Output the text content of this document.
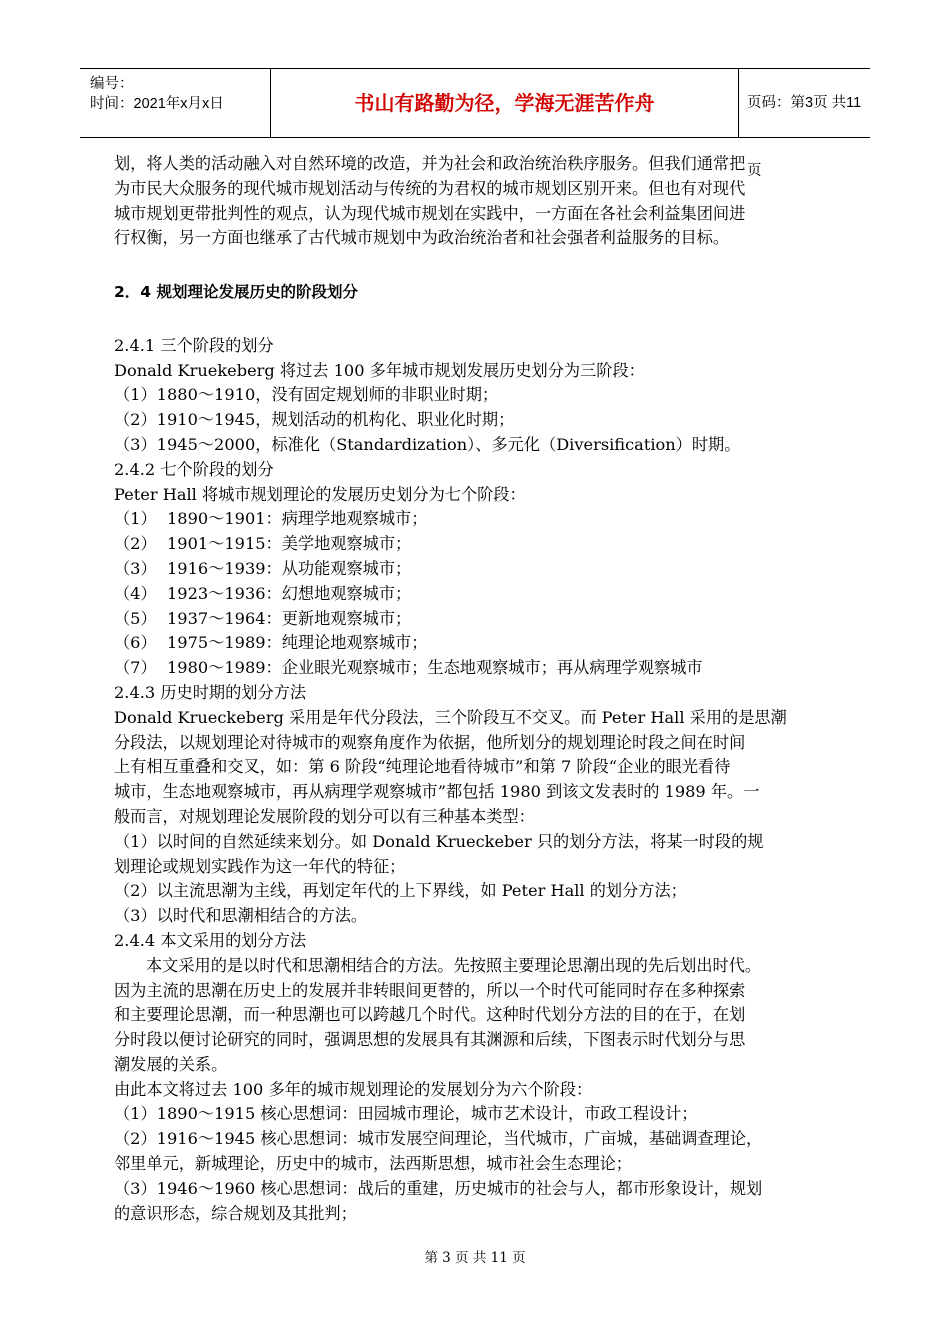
编号：
时间：2021年x月x日	书山有路勤为径，学海无涯苦作舟	页码：第3页 共11页

划，将人类的活动融入对自然环境的改造，并为社会和政治统治秩序服务。但我们通常把

为市民大众服务的现代城市规划活动与传统的为君权的城市规划区别开来。但也有对现代

城市规划更带批判性的观点，认为现代城市规划在实践中，一方面在各社会利益集团间进

行权衡，另一方面也继承了古代城市规划中为政治统治者和社会强者利益服务的目标。

2．4 规划理论发展历史的阶段划分

2.4.1 三个阶段的划分

Donald Kruekeberg 将过去 100 多年城市规划发展历史划分为三阶段：

（1）1880～1910，没有固定规划师的非职业时期；

（2）1910～1945，规划活动的机构化、职业化时期；

（3）1945～2000，标准化（Standardization）、多元化（Diversification）时期。

2.4.2 七个阶段的划分

Peter Hall 将城市规划理论的发展历史划分为七个阶段：

（1）  1890～1901：病理学地观察城市；

（2）  1901～1915：美学地观察城市；

（3）  1916～1939：从功能观察城市；

（4）  1923～1936：幻想地观察城市；

（5）  1937～1964：更新地观察城市；

（6）  1975～1989：纯理论地观察城市；

（7）  1980～1989：企业眼光观察城市；生态地观察城市；再从病理学观察城市

2.4.3 历史时期的划分方法

Donald Krueckeberg 采用是年代分段法，三个阶段互不交叉。而 Peter Hall 采用的是思潮

分段法，以规划理论对待城市的观察角度作为依据，他所划分的规划理论时段之间在时间

上有相互重叠和交叉，如：第 6 阶段“纯理论地看待城市”和第 7 阶段“企业的眼光看待

城市，生态地观察城市，再从病理学观察城市”都包括 1980 到该文发表时的 1989 年。一

般而言，对规划理论发展阶段的划分可以有三种基本类型：

（1）以时间的自然延续来划分。如 Donald Krueckeber 只的划分方法，将某一时段的规

划理论或规划实践作为这一年代的特征；

（2）以主流思潮为主线，再划定年代的上下界线，如 Peter Hall 的划分方法；

（3）以时代和思潮相结合的方法。

2.4.4 本文采用的划分方法

本文采用的是以时代和思潮相结合的方法。先按照主要理论思潮出现的先后划出时代。

因为主流的思潮在历史上的发展并非转眼间更替的，所以一个时代可能同时存在多种探索

和主要理论思潮，而一种思潮也可以跨越几个时代。这种时代划分方法的目的在于，在划

分时段以便讨论研究的同时，强调思想的发展具有其渊源和后续，下图表示时代划分与思

潮发展的关系。

由此本文将过去 100 多年的城市规划理论的发展划分为六个阶段：

（1）1890～1915 核心思想词：田园城市理论，城市艺术设计，市政工程设计；

（2）1916～1945 核心思想词：城市发展空间理论，当代城市，广亩城，基础调查理论，

邻里单元，新城理论，历史中的城市，法西斯思想，城市社会生态理论；

（3）1946～1960 核心思想词：战后的重建，历史城市的社会与人，都市形象设计，规划

的意识形态，综合规划及其批判；

第 3 页 共 11 页
